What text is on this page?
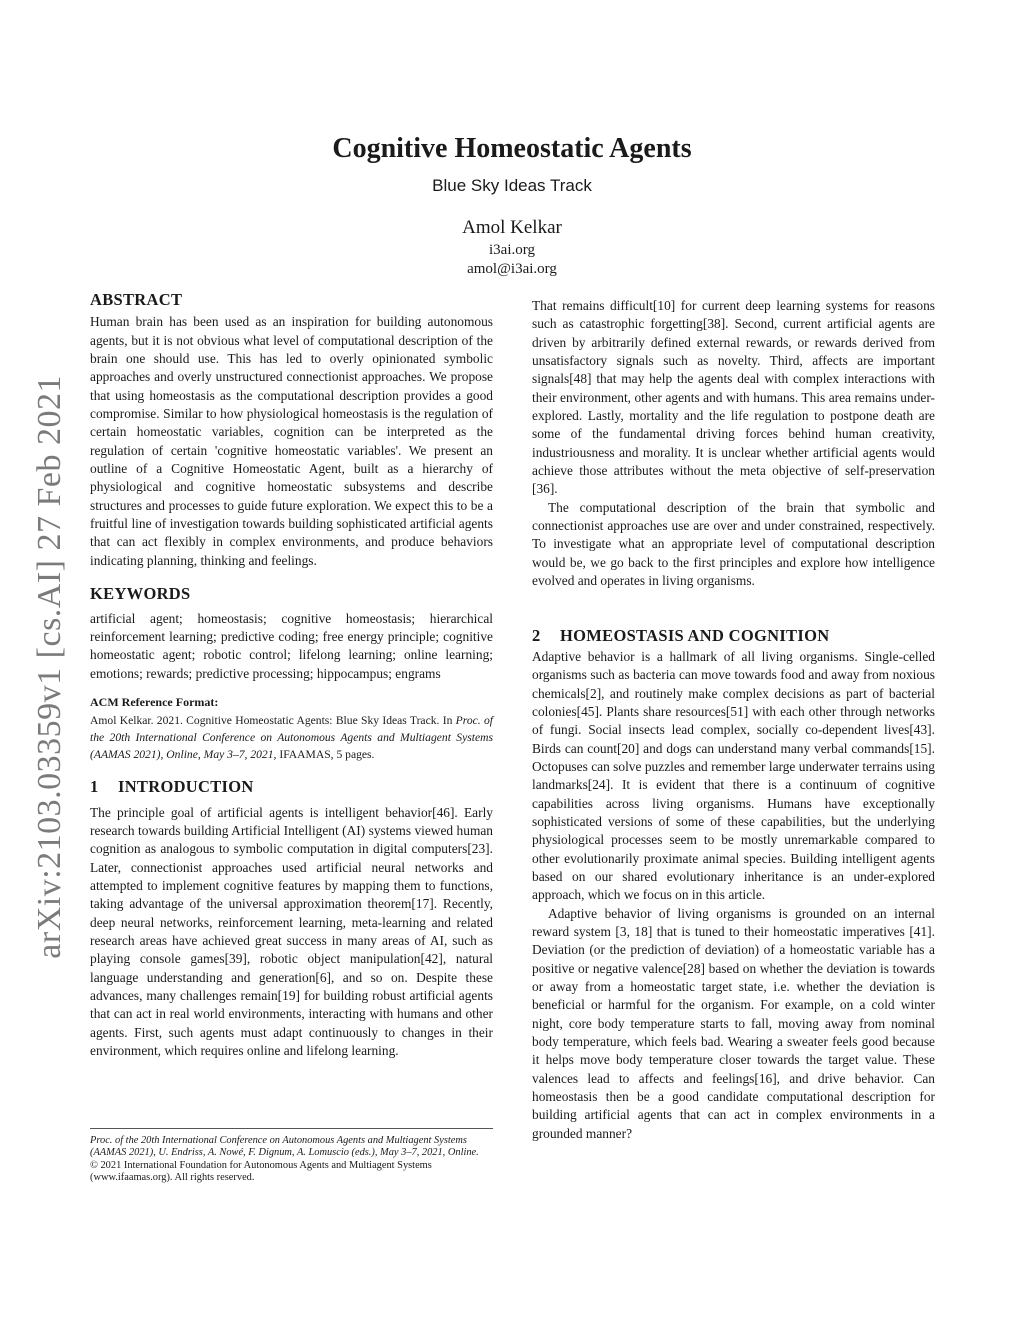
arXiv:2103.03359v1 [cs.AI] 27 Feb 2021
Cognitive Homeostatic Agents
Blue Sky Ideas Track
Amol Kelkar
i3ai.org
amol@i3ai.org
ABSTRACT

Human brain has been used as an inspiration for building autonomous agents, but it is not obvious what level of computational description of the brain one should use. This has led to overly opinionated symbolic approaches and overly unstructured connectionist approaches. We propose that using homeostasis as the computational description provides a good compromise. Similar to how physiological homeostasis is the regulation of certain homeostatic variables, cognition can be interpreted as the regulation of certain 'cognitive homeostatic variables'. We present an outline of a Cognitive Homeostatic Agent, built as a hierarchy of physiological and cognitive homeostatic subsystems and describe structures and processes to guide future exploration. We expect this to be a fruitful line of investigation towards building sophisticated artificial agents that can act flexibly in complex environments, and produce behaviors indicating planning, thinking and feelings.

KEYWORDS

artificial agent; homeostasis; cognitive homeostasis; hierarchical reinforcement learning; predictive coding; free energy principle; cognitive homeostatic agent; robotic control; lifelong learning; online learning; emotions; rewards; predictive processing; hippocampus; engrams

ACM Reference Format:

Amol Kelkar. 2021. Cognitive Homeostatic Agents: Blue Sky Ideas Track. In Proc. of the 20th International Conference on Autonomous Agents and Multiagent Systems (AAMAS 2021), Online, May 3–7, 2021, IFAAMAS, 5 pages.

1 INTRODUCTION

The principle goal of artificial agents is intelligent behavior[46]. Early research towards building Artificial Intelligent (AI) systems viewed human cognition as analogous to symbolic computation in digital computers[23]. Later, connectionist approaches used artificial neural networks and attempted to implement cognitive features by mapping them to functions, taking advantage of the universal approximation theorem[17]. Recently, deep neural networks, reinforcement learning, meta-learning and related research areas have achieved great success in many areas of AI, such as playing console games[39], robotic object manipulation[42], natural language understanding and generation[6], and so on. Despite these advances, many challenges remain[19] for building robust artificial agents that can act in real world environments, interacting with humans and other agents. First, such agents must adapt continuously to changes in their environment, which requires online and lifelong learning.

That remains difficult[10] for current deep learning systems for reasons such as catastrophic forgetting[38]. Second, current artificial agents are driven by arbitrarily defined external rewards, or rewards derived from unsatisfactory signals such as novelty. Third, affects are important signals[48] that may help the agents deal with complex interactions with their environment, other agents and with humans. This area remains under-explored. Lastly, mortality and the life regulation to postpone death are some of the fundamental driving forces behind human creativity, industriousness and morality. It is unclear whether artificial agents would achieve those attributes without the meta objective of self-preservation [36].

The computational description of the brain that symbolic and connectionist approaches use are over and under constrained, respectively. To investigate what an appropriate level of computational description would be, we go back to the first principles and explore how intelligence evolved and operates in living organisms.

2 HOMEOSTASIS AND COGNITION

Adaptive behavior is a hallmark of all living organisms. Single-celled organisms such as bacteria can move towards food and away from noxious chemicals[2], and routinely make complex decisions as part of bacterial colonies[45]. Plants share resources[51] with each other through networks of fungi. Social insects lead complex, socially co-dependent lives[43]. Birds can count[20] and dogs can understand many verbal commands[15]. Octopuses can solve puzzles and remember large underwater terrains using landmarks[24]. It is evident that there is a continuum of cognitive capabilities across living organisms. Humans have exceptionally sophisticated versions of some of these capabilities, but the underlying physiological processes seem to be mostly unremarkable compared to other evolutionarily proximate animal species. Building intelligent agents based on our shared evolutionary inheritance is an under-explored approach, which we focus on in this article.

Adaptive behavior of living organisms is grounded on an internal reward system [3, 18] that is tuned to their homeostatic imperatives [41]. Deviation (or the prediction of deviation) of a homeostatic variable has a positive or negative valence[28] based on whether the deviation is towards or away from a homeostatic target state, i.e. whether the deviation is beneficial or harmful for the organism. For example, on a cold winter night, core body temperature starts to fall, moving away from nominal body temperature, which feels bad. Wearing a sweater feels good because it helps move body temperature closer towards the target value. These valences lead to affects and feelings[16], and drive behavior. Can homeostasis then be a good candidate computational description for building artificial agents that can act in complex environments in a grounded manner?

Proc. of the 20th International Conference on Autonomous Agents and Multiagent Systems (AAMAS 2021), U. Endriss, A. Nowé, F. Dignum, A. Lomuscio (eds.), May 3–7, 2021, Online.
© 2021 International Foundation for Autonomous Agents and Multiagent Systems (www.ifaamas.org). All rights reserved.
